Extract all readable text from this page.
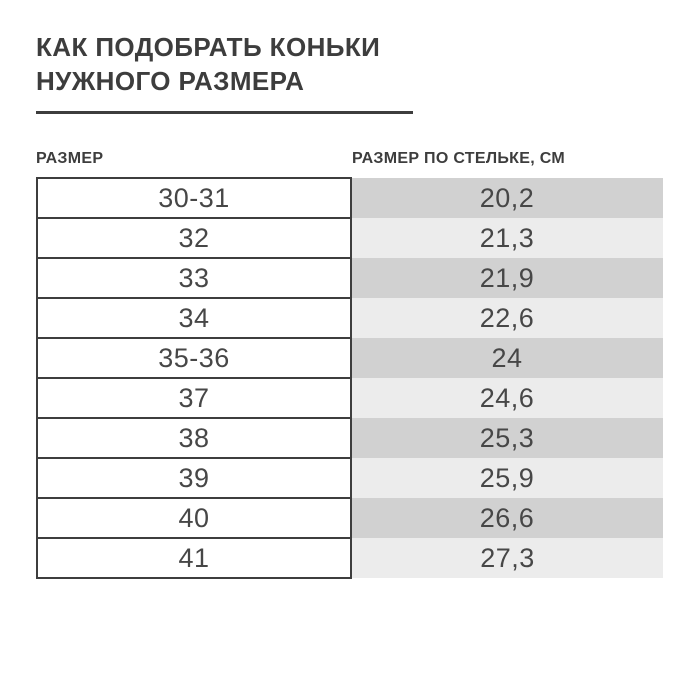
КАК ПОДОБРАТЬ КОНЬКИ
НУЖНОГО РАЗМЕРА
РАЗМЕР	РАЗМЕР ПО СТЕЛЬКЕ, СМ
30-31	20,2
32	21,3
33	21,9
34	22,6
35-36	24
37	24,6
38	25,3
39	25,9
40	26,6
41	27,3
